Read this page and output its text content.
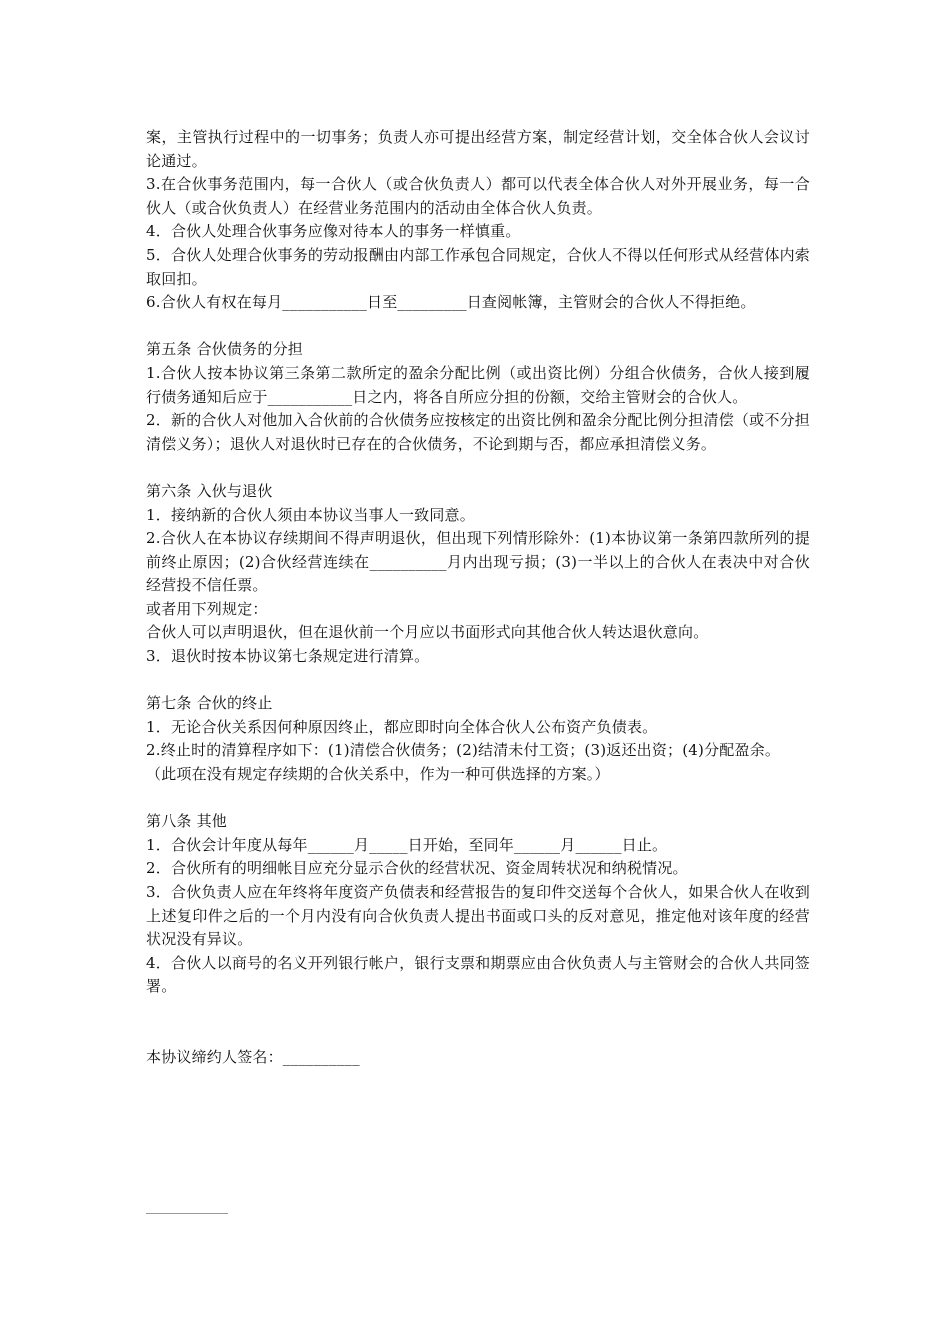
案，主管执行过程中的一切事务；负责人亦可提出经营方案，制定经营计划，交全体合伙人会议讨论通过。

3.在合伙事务范围内，每一合伙人（或合伙负责人）都可以代表全体合伙人对外开展业务，每一合伙人（或合伙负责人）在经营业务范围内的活动由全体合伙人负责。

4．合伙人处理合伙事务应像对待本人的事务一样慎重。

5．合伙人处理合伙事务的劳动报酬由内部工作承包合同规定，合伙人不得以任何形式从经营体内索取回扣。

6.合伙人有权在每月___________日至_________日查阅帐簿，主管财会的合伙人不得拒绝。

第五条 合伙债务的分担

1.合伙人按本协议第三条第二款所定的盈余分配比例（或出资比例）分组合伙债务，合伙人接到履行债务通知后应于___________日之内，将各自所应分担的份额，交给主管财会的合伙人。

2．新的合伙人对他加入合伙前的合伙债务应按核定的出资比例和盈余分配比例分担清偿（或不分担清偿义务）；退伙人对退伙时已存在的合伙债务，不论到期与否，都应承担清偿义务。

第六条 入伙与退伙

1．接纳新的合伙人须由本协议当事人一致同意。

2.合伙人在本协议存续期间不得声明退伙，但出现下列情形除外：(1)本协议第一条第四款所列的提前终止原因；(2)合伙经营连续在__________月内出现亏损；(3)一半以上的合伙人在表决中对合伙经营投不信任票。

或者用下列规定：

合伙人可以声明退伙，但在退伙前一个月应以书面形式向其他合伙人转达退伙意向。

3．退伙时按本协议第七条规定进行清算。

第七条 合伙的终止

1．无论合伙关系因何种原因终止，都应即时向全体合伙人公布资产负债表。

2.终止时的清算程序如下：(1)清偿合伙债务；(2)结清未付工资；(3)返还出资；(4)分配盈余。

（此项在没有规定存续期的合伙关系中，作为一种可供选择的方案。）

第八条 其他

1．合伙会计年度从每年______月_____日开始，至同年______月______日止。

2．合伙所有的明细帐目应充分显示合伙的经营状况、资金周转状况和纳税情况。

3．合伙负责人应在年终将年度资产负债表和经营报告的复印件交送每个合伙人，如果合伙人在收到上述复印件之后的一个月内没有向合伙负责人提出书面或口头的反对意见，推定他对该年度的经营状况没有异议。

4．合伙人以商号的名义开列银行帐户，银行支票和期票应由合伙负责人与主管财会的合伙人共同签署。

本协议缔约人签名：__________
